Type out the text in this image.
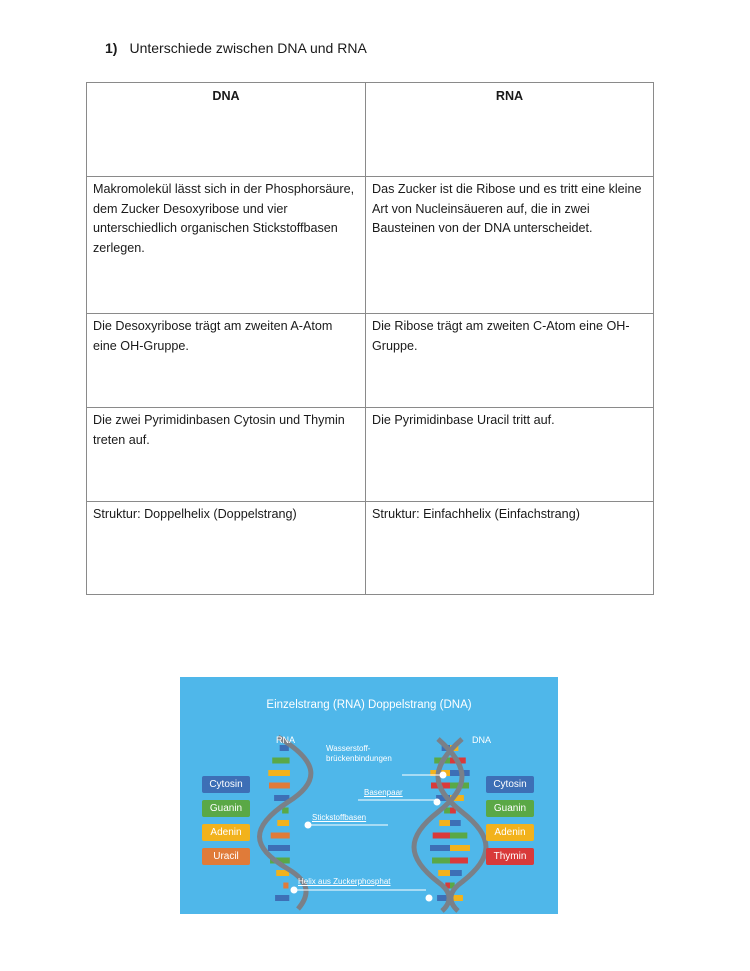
1) Unterschiede zwischen DNA und RNA
DNA	RNA
Makromolekül lässt sich in der Phosphorsäure, dem Zucker Desoxyribose und vier unterschiedlich organischen Stickstoffbasen zerlegen.	Das Zucker ist die Ribose und es tritt eine kleine Art von Nucleinsäueren auf, die in zwei Bausteinen von der DNA unterscheidet.
Die Desoxyribose trägt am zweiten A-Atom eine OH-Gruppe.	Die Ribose trägt am zweiten C-Atom eine OH-Gruppe.
Die zwei Pyrimidinbasen Cytosin und Thymin treten auf.	Die Pyrimidinbase Uracil tritt auf.
Struktur: Doppelhelix (Doppelstrang)	Struktur: Einfachhelix (Einfachstrang)
Einzelstrang (RNA) Doppelstrang (DNA)
RNA	DNA
Wasserstoff-
brückenbindungen
Basenpaar
Stickstoffbasen
Helix aus Zuckerphosphat
Cytosin
Guanin
Adenin
Uracil
Cytosin
Guanin
Adenin
Thymin
